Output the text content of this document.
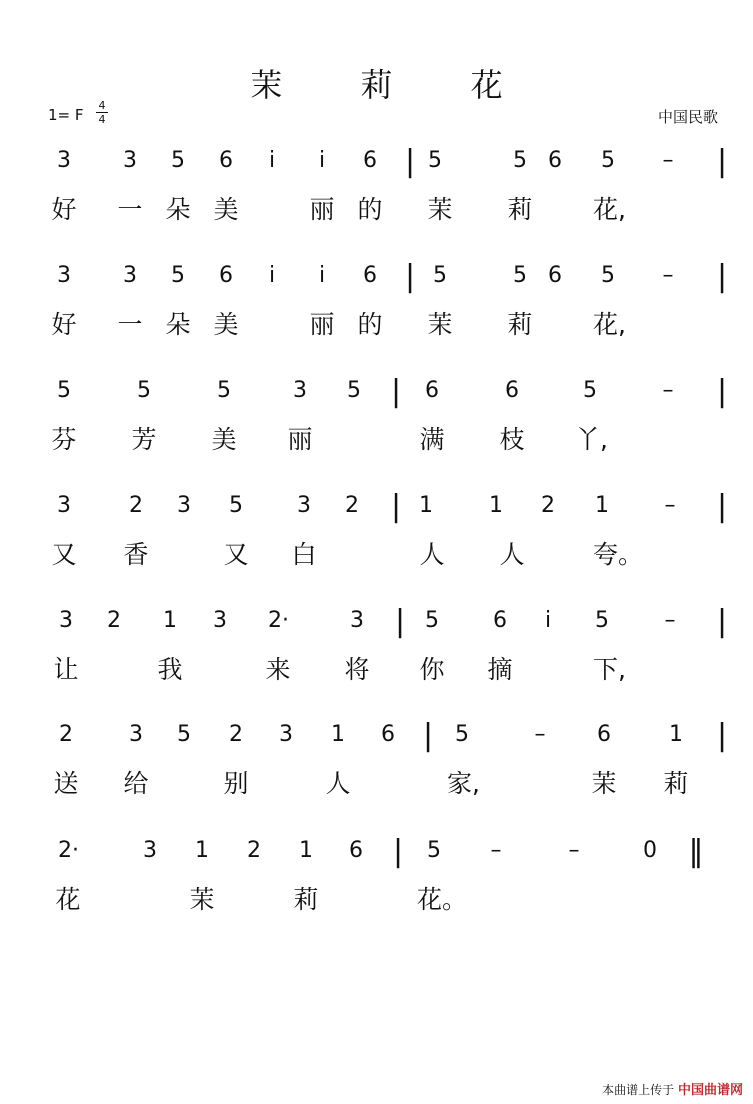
茉 莉 花
1= F
4
4	中国民歌
3 3 5 6	i	i	6 | 5	5 6 5 – |
好 一 朵 美	丽 的 茉 莉 花,
3 3 5 6	i	i	6 | 5	5 6 5 – |
好 一 朵 美	丽 的 茉 莉 花,
5	5	5	3 5 | 6	6	5	– |
芬 芳 美 丽	满 枝 丫,
3	2 3 5 3 2 | 1	1 2 1	– |
又 香	又 白	人 人	夸。
3 2 1 3 2·	3 | 5 6	i	5	– |
让	我	来 将 你 摘	下,
2	3 5 2 3 1 6 | 5	– 6	1 |
送 给	别	人	家,	茉 莉
2·	3 1 2 1 6 | 5 –	–	0 ‖
花	茉	莉	花。
本曲谱上传于 中国曲谱网
